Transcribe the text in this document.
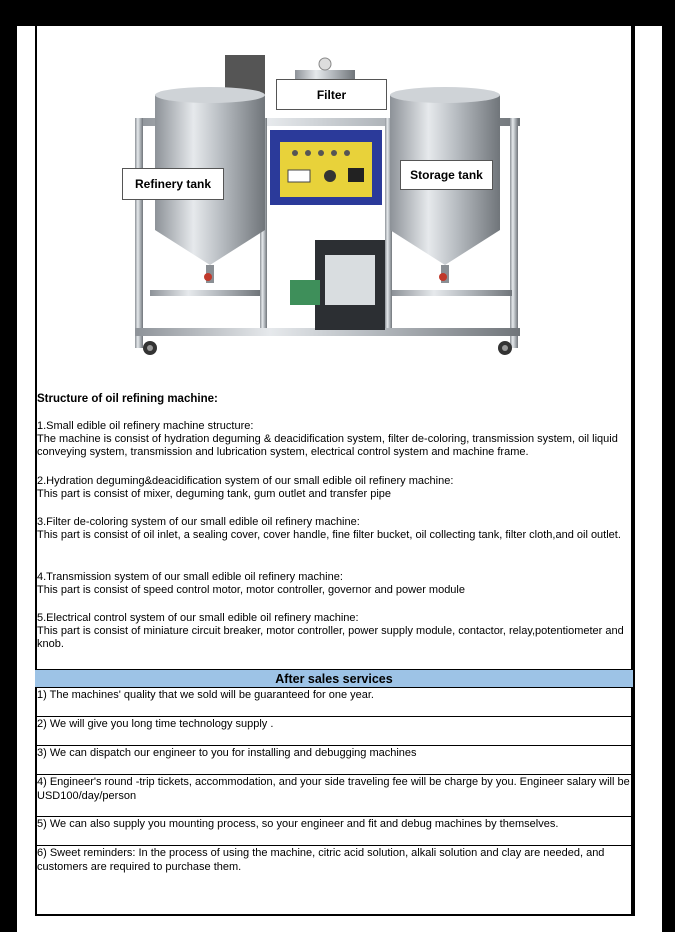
Filter
Refinery tank
Storage tank
Structure of oil refining machine:
1.Small edible oil refinery machine structure:
The machine is consist of hydration deguming & deacidification system, filter de-coloring, transmission system, oil liquid conveying system, transmission and lubrication system, electrical control system and machine frame.
2.Hydration deguming&deacidification system of our small edible oil refinery machine:
This part is consist of mixer, deguming tank, gum outlet and transfer pipe
3.Filter de-coloring system of our small edible oil refinery machine:
This part is consist of oil inlet, a sealing cover, cover handle, fine filter bucket, oil collecting tank, filter cloth,and oil outlet.
4.Transmission system of our small edible oil refinery machine:
This part is consist of speed control motor, motor controller, governor and power module
5.Electrical control system of our small edible oil refinery machine:
This part is consist of miniature circuit breaker, motor controller, power supply module, contactor, relay,potentiometer and knob.
After sales services
1) The machines' quality that we sold will be guaranteed for one year.
2) We will give you long time technology supply .
3) We can dispatch our engineer to you for installing and debugging machines
4) Engineer's round -trip tickets, accommodation, and your side traveling fee will be charge by you. Engineer salary will be USD100/day/person
5) We can also supply you mounting process, so your engineer and fit and debug machines by themselves.
6) Sweet reminders: In the process of using the machine, citric acid solution, alkali solution and clay are needed, and customers are required to purchase them.
